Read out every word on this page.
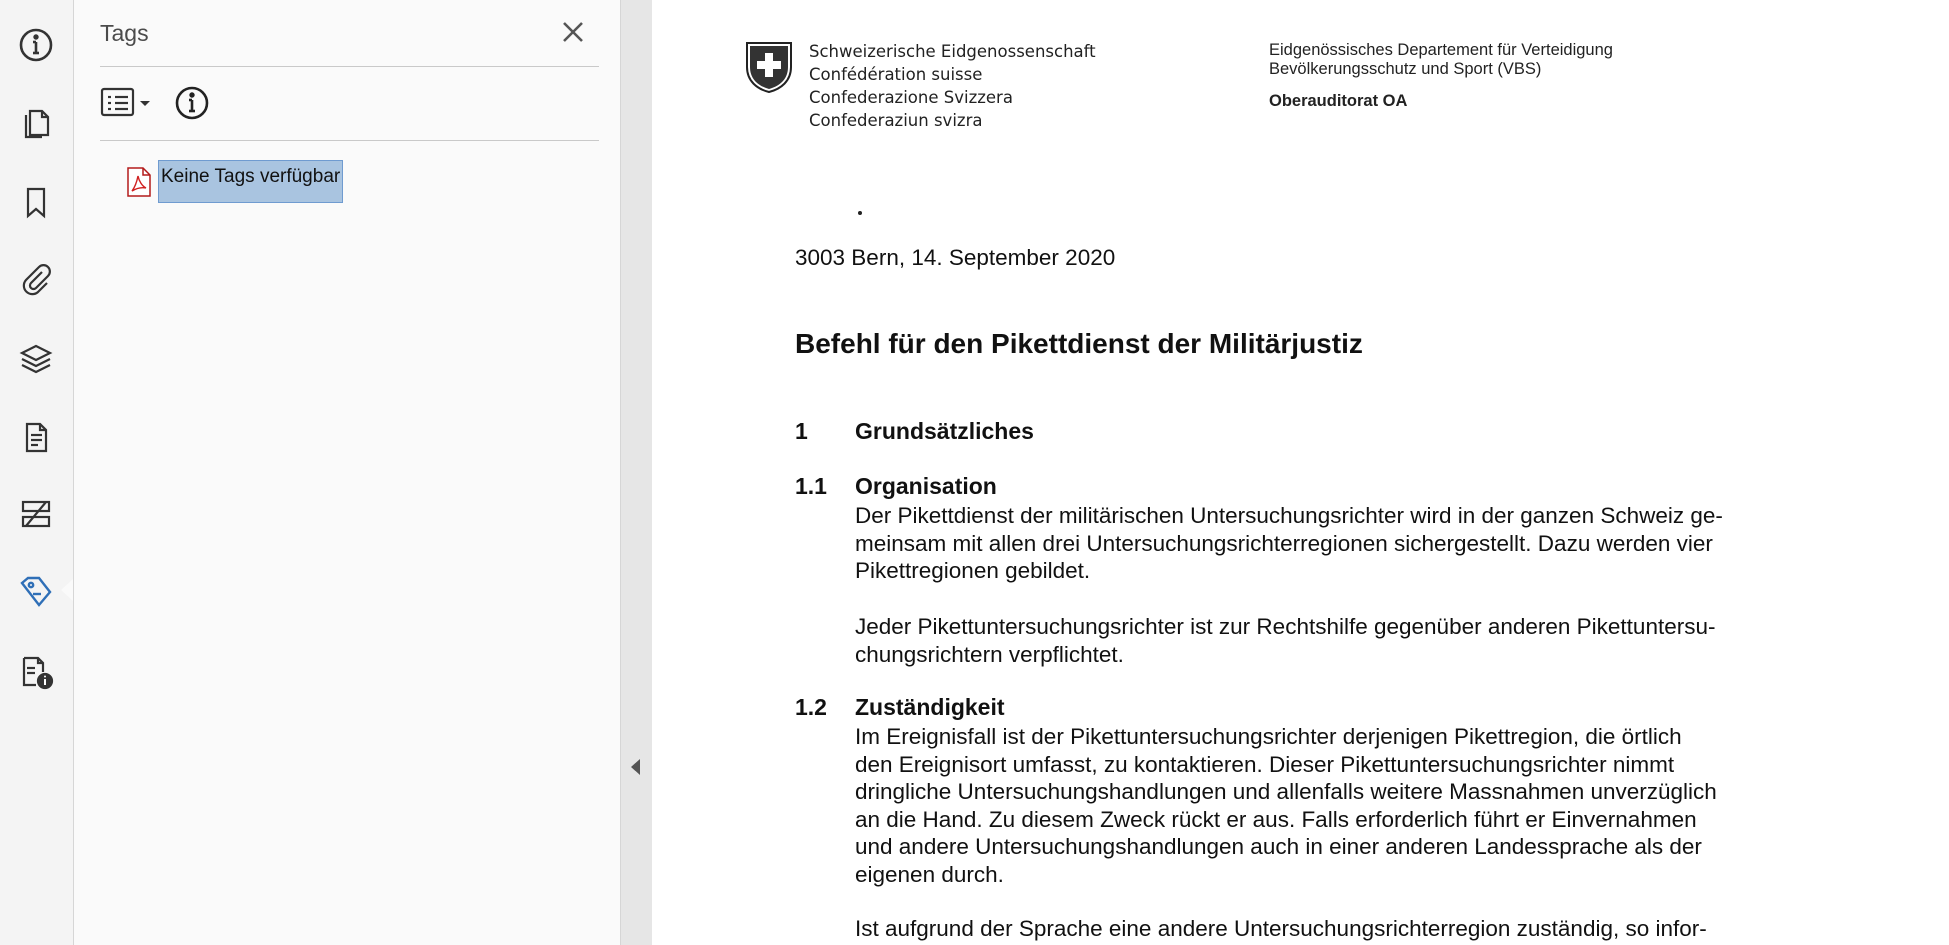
Tags
Keine Tags verfügbar
Schweizerische Eidgenossenschaft
Confédération suisse
Confederazione Svizzera
Confederaziun svizra
Eidgenössisches Departement für Verteidigung
Bevölkerungsschutz und Sport (VBS)
Oberauditorat OA
3003 Bern, 14. September 2020
Befehl für den Pikettdienst der Militärjustiz
1 Grundsätzliches
1.1 Organisation
Der Pikettdienst der militärischen Untersuchungsrichter wird in der ganzen Schweiz ge-
meinsam mit allen drei Untersuchungsrichterregionen sichergestellt. Dazu werden vier
Pikettregionen gebildet.
Jeder Pikettuntersuchungsrichter ist zur Rechtshilfe gegenüber anderen Pikettuntersu-
chungsrichtern verpflichtet.
1.2 Zuständigkeit
Im Ereignisfall ist der Pikettuntersuchungsrichter derjenigen Pikettregion, die örtlich
den Ereignisort umfasst, zu kontaktieren. Dieser Pikettuntersuchungsrichter nimmt
dringliche Untersuchungshandlungen und allenfalls weitere Massnahmen unverzüglich
an die Hand. Zu diesem Zweck rückt er aus. Falls erforderlich führt er Einvernahmen
und andere Untersuchungshandlungen auch in einer anderen Landessprache als der
eigenen durch.
Ist aufgrund der Sprache eine andere Untersuchungsrichterregion zuständig, so infor-
